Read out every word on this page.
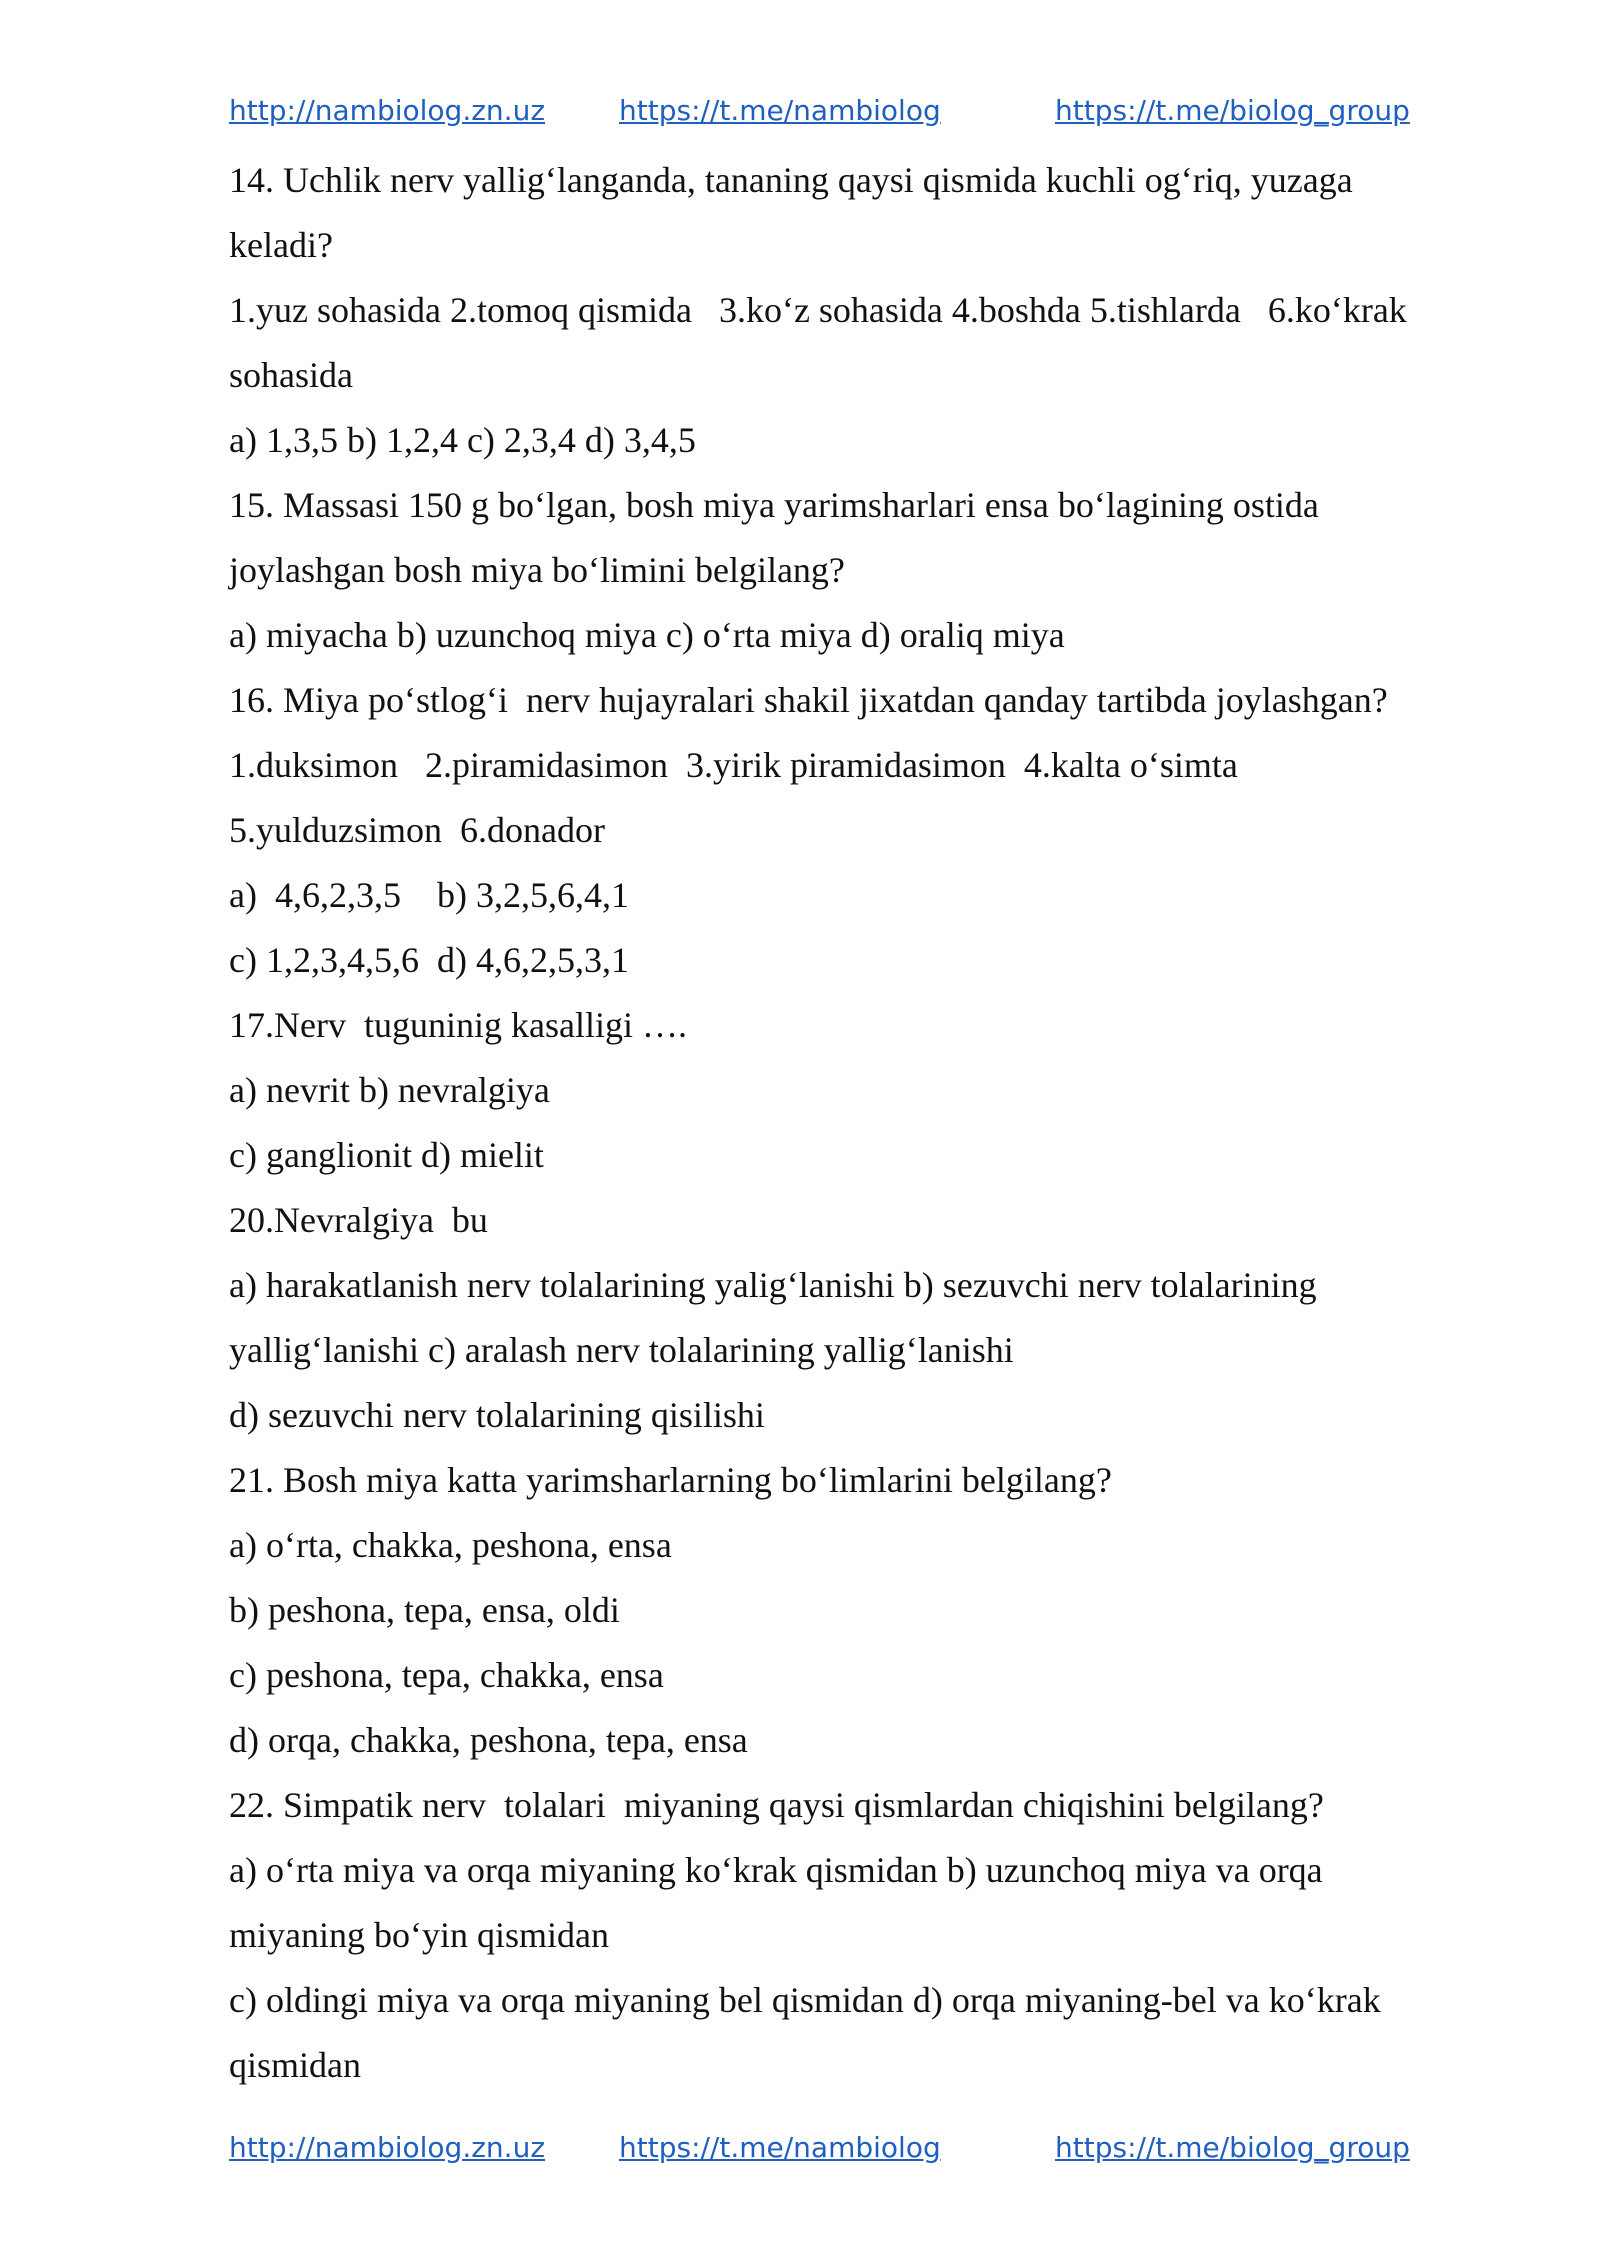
http://nambiolog.zn.uz	https://t.me/nambiolog	https://t.me/biolog_group

14. Uchlik nerv yallig‘langanda, tananing qaysi qismida kuchli og‘riq, yuzaga

keladi?

1.yuz sohasida 2.tomoq qismida   3.ko‘z sohasida 4.boshda 5.tishlarda   6.ko‘krak

sohasida

a) 1,3,5 b) 1,2,4 c) 2,3,4 d) 3,4,5

15. Massasi 150 g bo‘lgan, bosh miya yarimsharlari ensa bo‘lagining ostida

joylashgan bosh miya bo‘limini belgilang?

a) miyacha b) uzunchoq miya c) o‘rta miya d) oraliq miya

16. Miya po‘stlog‘i  nerv hujayralari shakil jixatdan qanday tartibda joylashgan?

1.duksimon   2.piramidasimon  3.yirik piramidasimon  4.kalta o‘simta

5.yulduzsimon  6.donador

a)  4,6,2,3,5    b) 3,2,5,6,4,1

c) 1,2,3,4,5,6  d) 4,6,2,5,3,1

17.Nerv  tuguninig kasalligi ….

a) nevrit b) nevralgiya

c) ganglionit d) mielit

20.Nevralgiya  bu

a) harakatlanish nerv tolalarining yalig‘lanishi b) sezuvchi nerv tolalarining

yallig‘lanishi c) aralash nerv tolalarining yallig‘lanishi

d) sezuvchi nerv tolalarining qisilishi

21. Bosh miya katta yarimsharlarning bo‘limlarini belgilang?

a) o‘rta, chakka, peshona, ensa

b) peshona, tepa, ensa, oldi

c) peshona, tepa, chakka, ensa

d) orqa, chakka, peshona, tepa, ensa

22. Simpatik nerv  tolalari  miyaning qaysi qismlardan chiqishini belgilang?

a) o‘rta miya va orqa miyaning ko‘krak qismidan b) uzunchoq miya va orqa

miyaning bo‘yin qismidan

c) oldingi miya va orqa miyaning bel qismidan d) orqa miyaning-bel va ko‘krak

qismidan

http://nambiolog.zn.uz	https://t.me/nambiolog	https://t.me/biolog_group
